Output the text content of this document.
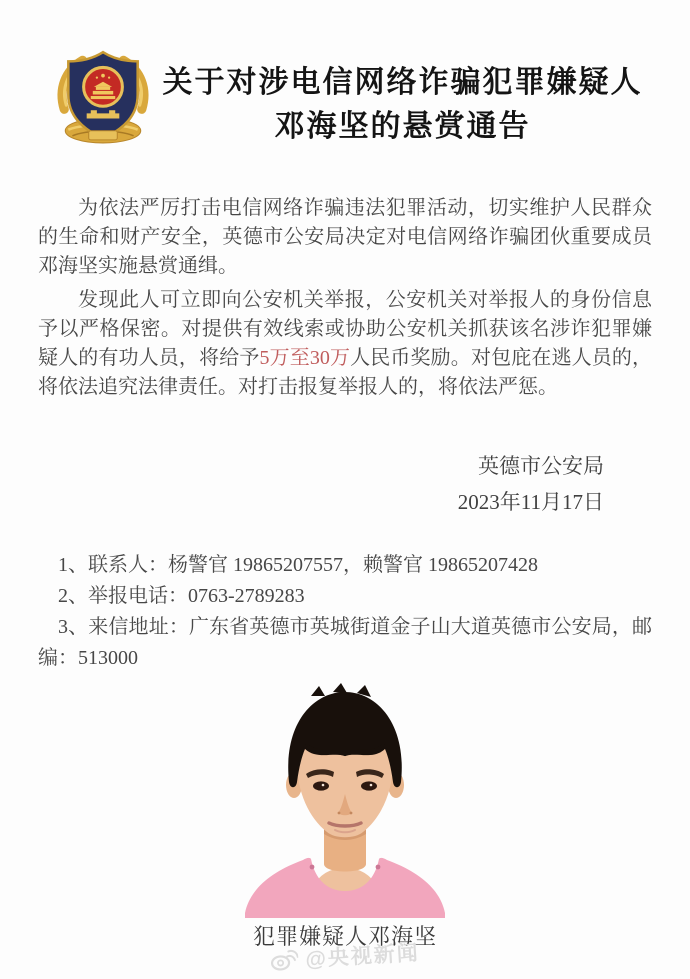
关于对涉电信网络诈骗犯罪嫌疑人
邓海坚的悬赏通告

为依法严厉打击电信网络诈骗违法犯罪活动，切实维护人民群众的生命和财产安全，英德市公安局决定对电信网络诈骗团伙重要成员邓海坚实施悬赏通缉。

发现此人可立即向公安机关举报，公安机关对举报人的身份信息予以严格保密。对提供有效线索或协助公安机关抓获该名涉诈犯罪嫌疑人的有功人员，将给予5万至30万人民币奖励。对包庇在逃人员的，将依法追究法律责任。对打击报复举报人的，将依法严惩。

英德市公安局
2023年11月17日

1、联系人：杨警官 19865207557，赖警官 19865207428

2、举报电话：0763-2789283

3、来信地址：广东省英德市英城街道金子山大道英德市公安局，邮编：513000

犯罪嫌疑人邓海坚
@央视新闻
